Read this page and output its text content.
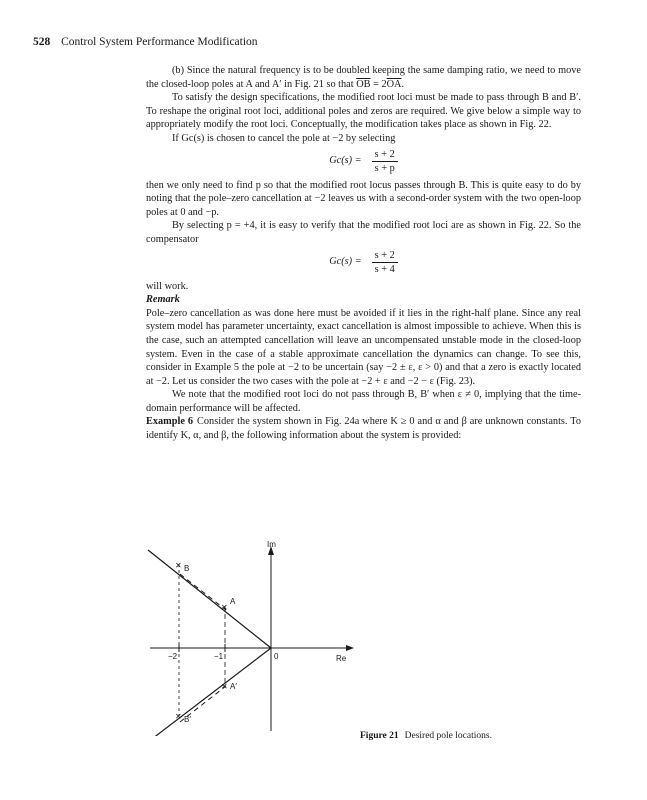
528 Control System Performance Modification

(b) Since the natural frequency is to be doubled keeping the same damping ratio, we need to move the closed-loop poles at A and A′ in Fig. 21 so that $\overline{OB} = 2\overline{OA}$.

To satisfy the design specifications, the modified root loci must be made to pass through B and B′. To reshape the original root loci, additional poles and zeros are required. We give below a simple way to appropriately modify the root loci. Conceptually, the modification takes place as shown in Fig. 22.

If Gc(s) is chosen to cancel the pole at −2 by selecting

$Gc(s) = \frac{s + 2}{s + p}$

then we only need to find p so that the modified root locus passes through B. This is quite easy to do by noting that the pole–zero cancellation at −2 leaves us with a second-order system with the two open-loop poles at 0 and −p.

By selecting p = +4, it is easy to verify that the modified root loci are as shown in Fig. 22. So the compensator

$Gc(s) = \frac{s + 2}{s + 4}$

will work.

Remark

Pole–zero cancellation as was done here must be avoided if it lies in the right-half plane. Since any real system model has parameter uncertainty, exact cancellation is almost impossible to achieve. When this is the case, such an attempted cancellation will leave an uncompensated unstable mode in the closed-loop system. Even in the case of a stable approximate cancellation the dynamics can change. To see this, consider in Example 5 the pole at −2 to be uncertain (say −2 ± ε, ε > 0) and that a zero is exactly located at −2. Let us consider the two cases with the pole at −2 + ε and −2 − ε (Fig. 23).

We note that the modified root loci do not pass through B, B′ when ε ≠ 0, implying that the time-domain performance will be affected.

Example 6 Consider the system shown in Fig. 24a where K ≥ 0 and α and β are unknown constants. To identify K, α, and β, the following information about the system is provided:

✕
✕
✕
✕
Im
Re
−2	−1	0
B
A
A′
B′
Figure 21 Desired pole locations.
